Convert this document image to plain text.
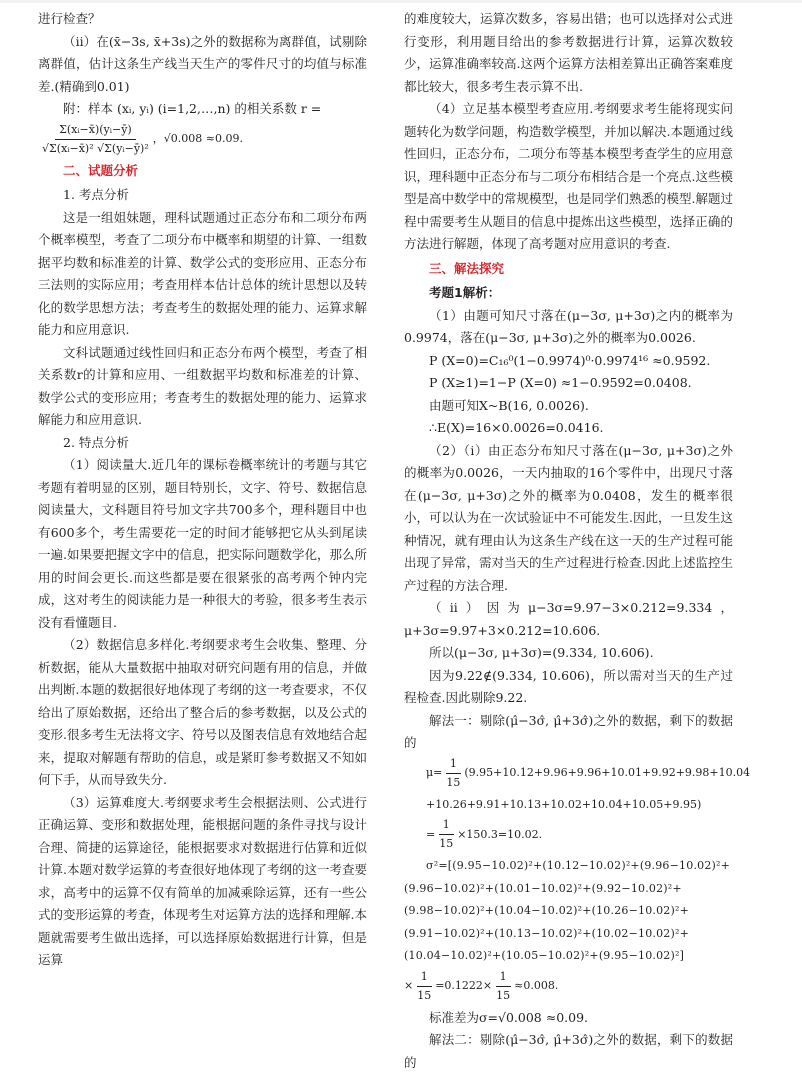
进行检查？

（ⅱ）在(x̄−3s, x̄+3s)之外的数据称为离群值，试剔除离群值，估计这条生产线当天生产的零件尺寸的均值与标准差.(精确到0.01)

附：样本 (xᵢ, yᵢ) (i=1,2,…,n) 的相关系数 r =

$\frac{\text{Σ(xᵢ−x̄)(yᵢ−ȳ)}}{\text{√Σ(xᵢ−x̄)² √Σ(yᵢ−ȳ)²}}$ ，√0.008 ≈0.09.

二、试题分析

1. 考点分析

这是一组姐妹题，理科试题通过正态分布和二项分布两个概率模型，考查了二项分布中概率和期望的计算、一组数据平均数和标准差的计算、数学公式的变形应用、正态分布三法则的实际应用；考查用样本估计总体的统计思想以及转化的数学思想方法；考查考生的数据处理的能力、运算求解能力和应用意识.

文科试题通过线性回归和正态分布两个模型，考查了相关系数r的计算和应用、一组数据平均数和标准差的计算、数学公式的变形应用；考查考生的数据处理的能力、运算求解能力和应用意识.

2. 特点分析

（1）阅读量大.近几年的课标卷概率统计的考题与其它考题有着明显的区别，题目特别长，文字、符号、数据信息阅读量大，文科题目符号加文字共700多个，理科题目中也有600多个，考生需要花一定的时间才能够把它从头到尾读一遍.如果要把握文字中的信息，把实际问题数学化，那么所用的时间会更长.而这些都是要在很紧张的高考两个钟内完成，这对考生的阅读能力是一种很大的考验，很多考生表示没有看懂题目.

（2）数据信息多样化.考纲要求考生会收集、整理、分析数据，能从大量数据中抽取对研究问题有用的信息，并做出判断.本题的数据很好地体现了考纲的这一考查要求，不仅给出了原始数据，还给出了整合后的参考数据，以及公式的变形.很多考生无法将文字、符号以及图表信息有效地结合起来，提取对解题有帮助的信息，或是紧盯参考数据又不知如何下手，从而导致失分.

（3）运算难度大.考纲要求考生会根据法则、公式进行正确运算、变形和数据处理，能根据问题的条件寻找与设计合理、简捷的运算途径，能根据要求对数据进行估算和近似计算.本题对数学运算的考查很好地体现了考纲的这一考查要求，高考中的运算不仅有简单的加减乘除运算，还有一些公式的变形运算的考查，体现考生对运算方法的选择和理解.本题就需要考生做出选择，可以选择原始数据进行计算，但是运算

的难度较大，运算次数多，容易出错；也可以选择对公式进行变形，利用题目给出的参考数据进行计算，运算次数较少，运算准确率较高.这两个运算方法相差算出正确答案难度都比较大，很多考生表示算不出.

（4）立足基本模型考查应用.考纲要求考生能将现实问题转化为数学问题，构造数学模型，并加以解决.本题通过线性回归，正态分布，二项分布等基本模型考查学生的应用意识，理科题中正态分布与二项分布相结合是一个亮点.这些模型是高中数学中的常规模型，也是同学们熟悉的模型.解题过程中需要考生从题目的信息中提炼出这些模型，选择正确的方法进行解题，体现了高考题对应用意识的考查.

三、解法探究

考题1解析：

（1）由题可知尺寸落在(μ−3σ, μ+3σ)之内的概率为0.9974，落在(μ−3σ, μ+3σ)之外的概率为0.0026.

P (X=0)=C₁₆⁰(1−0.9974)⁰·0.9974¹⁶ ≈0.9592.

P (X≥1)=1−P (X=0) ≈1−0.9592=0.0408.

由题可知X~B(16, 0.0026).

∴E(X)=16×0.0026=0.0416.

（2）（i）由正态分布知尺寸落在(μ−3σ, μ+3σ)之外的概率为0.0026，一天内抽取的16个零件中，出现尺寸落在(μ−3σ, μ+3σ)之外的概率为0.0408，发生的概率很小，可以认为在一次试验证中不可能发生.因此，一旦发生这种情况，就有理由认为这条生产线在这一天的生产过程可能出现了异常，需对当天的生产过程进行检查.因此上述监控生产过程的方法合理.

（ii）因为μ−3σ=9.97−3×0.212=9.334，μ+3σ=9.97+3×0.212=10.606.

所以(μ−3σ, μ+3σ)=(9.334, 10.606).

因为9.22∉(9.334, 10.606)，所以需对当天的生产过程检查.因此剔除9.22.

解法一：剔除(μ̂−3σ̂, μ̂+3σ̂)之外的数据，剩下的数据的

$\mu= \frac{1}{15} (9.95+10.12+9.96+9.96+10.01+9.92+9.98+10.04$

+10.26+9.91+10.13+10.02+10.04+10.05+9.95)

= $\frac{1}{15} \times 150.3=10.02$.

σ²=[(9.95−10.02)²+(10.12−10.02)²+(9.96−10.02)²+(9.96−10.02)²+(10.01−10.02)²+(9.92−10.02)²+(9.98−10.02)²+(10.04−10.02)²+(10.26−10.02)²+(9.91−10.02)²+(10.13−10.02)²+(10.02−10.02)²+(10.04−10.02)²+(10.05−10.02)²+(9.95−10.02)²]

× $\frac{1}{15} =0.1222\times \frac{1}{15} \approx 0.008$.

标准差为σ=√0.008 ≈0.09.

解法二：剔除(μ̂−3σ̂, μ̂+3σ̂)之外的数据，剩下的数据的
